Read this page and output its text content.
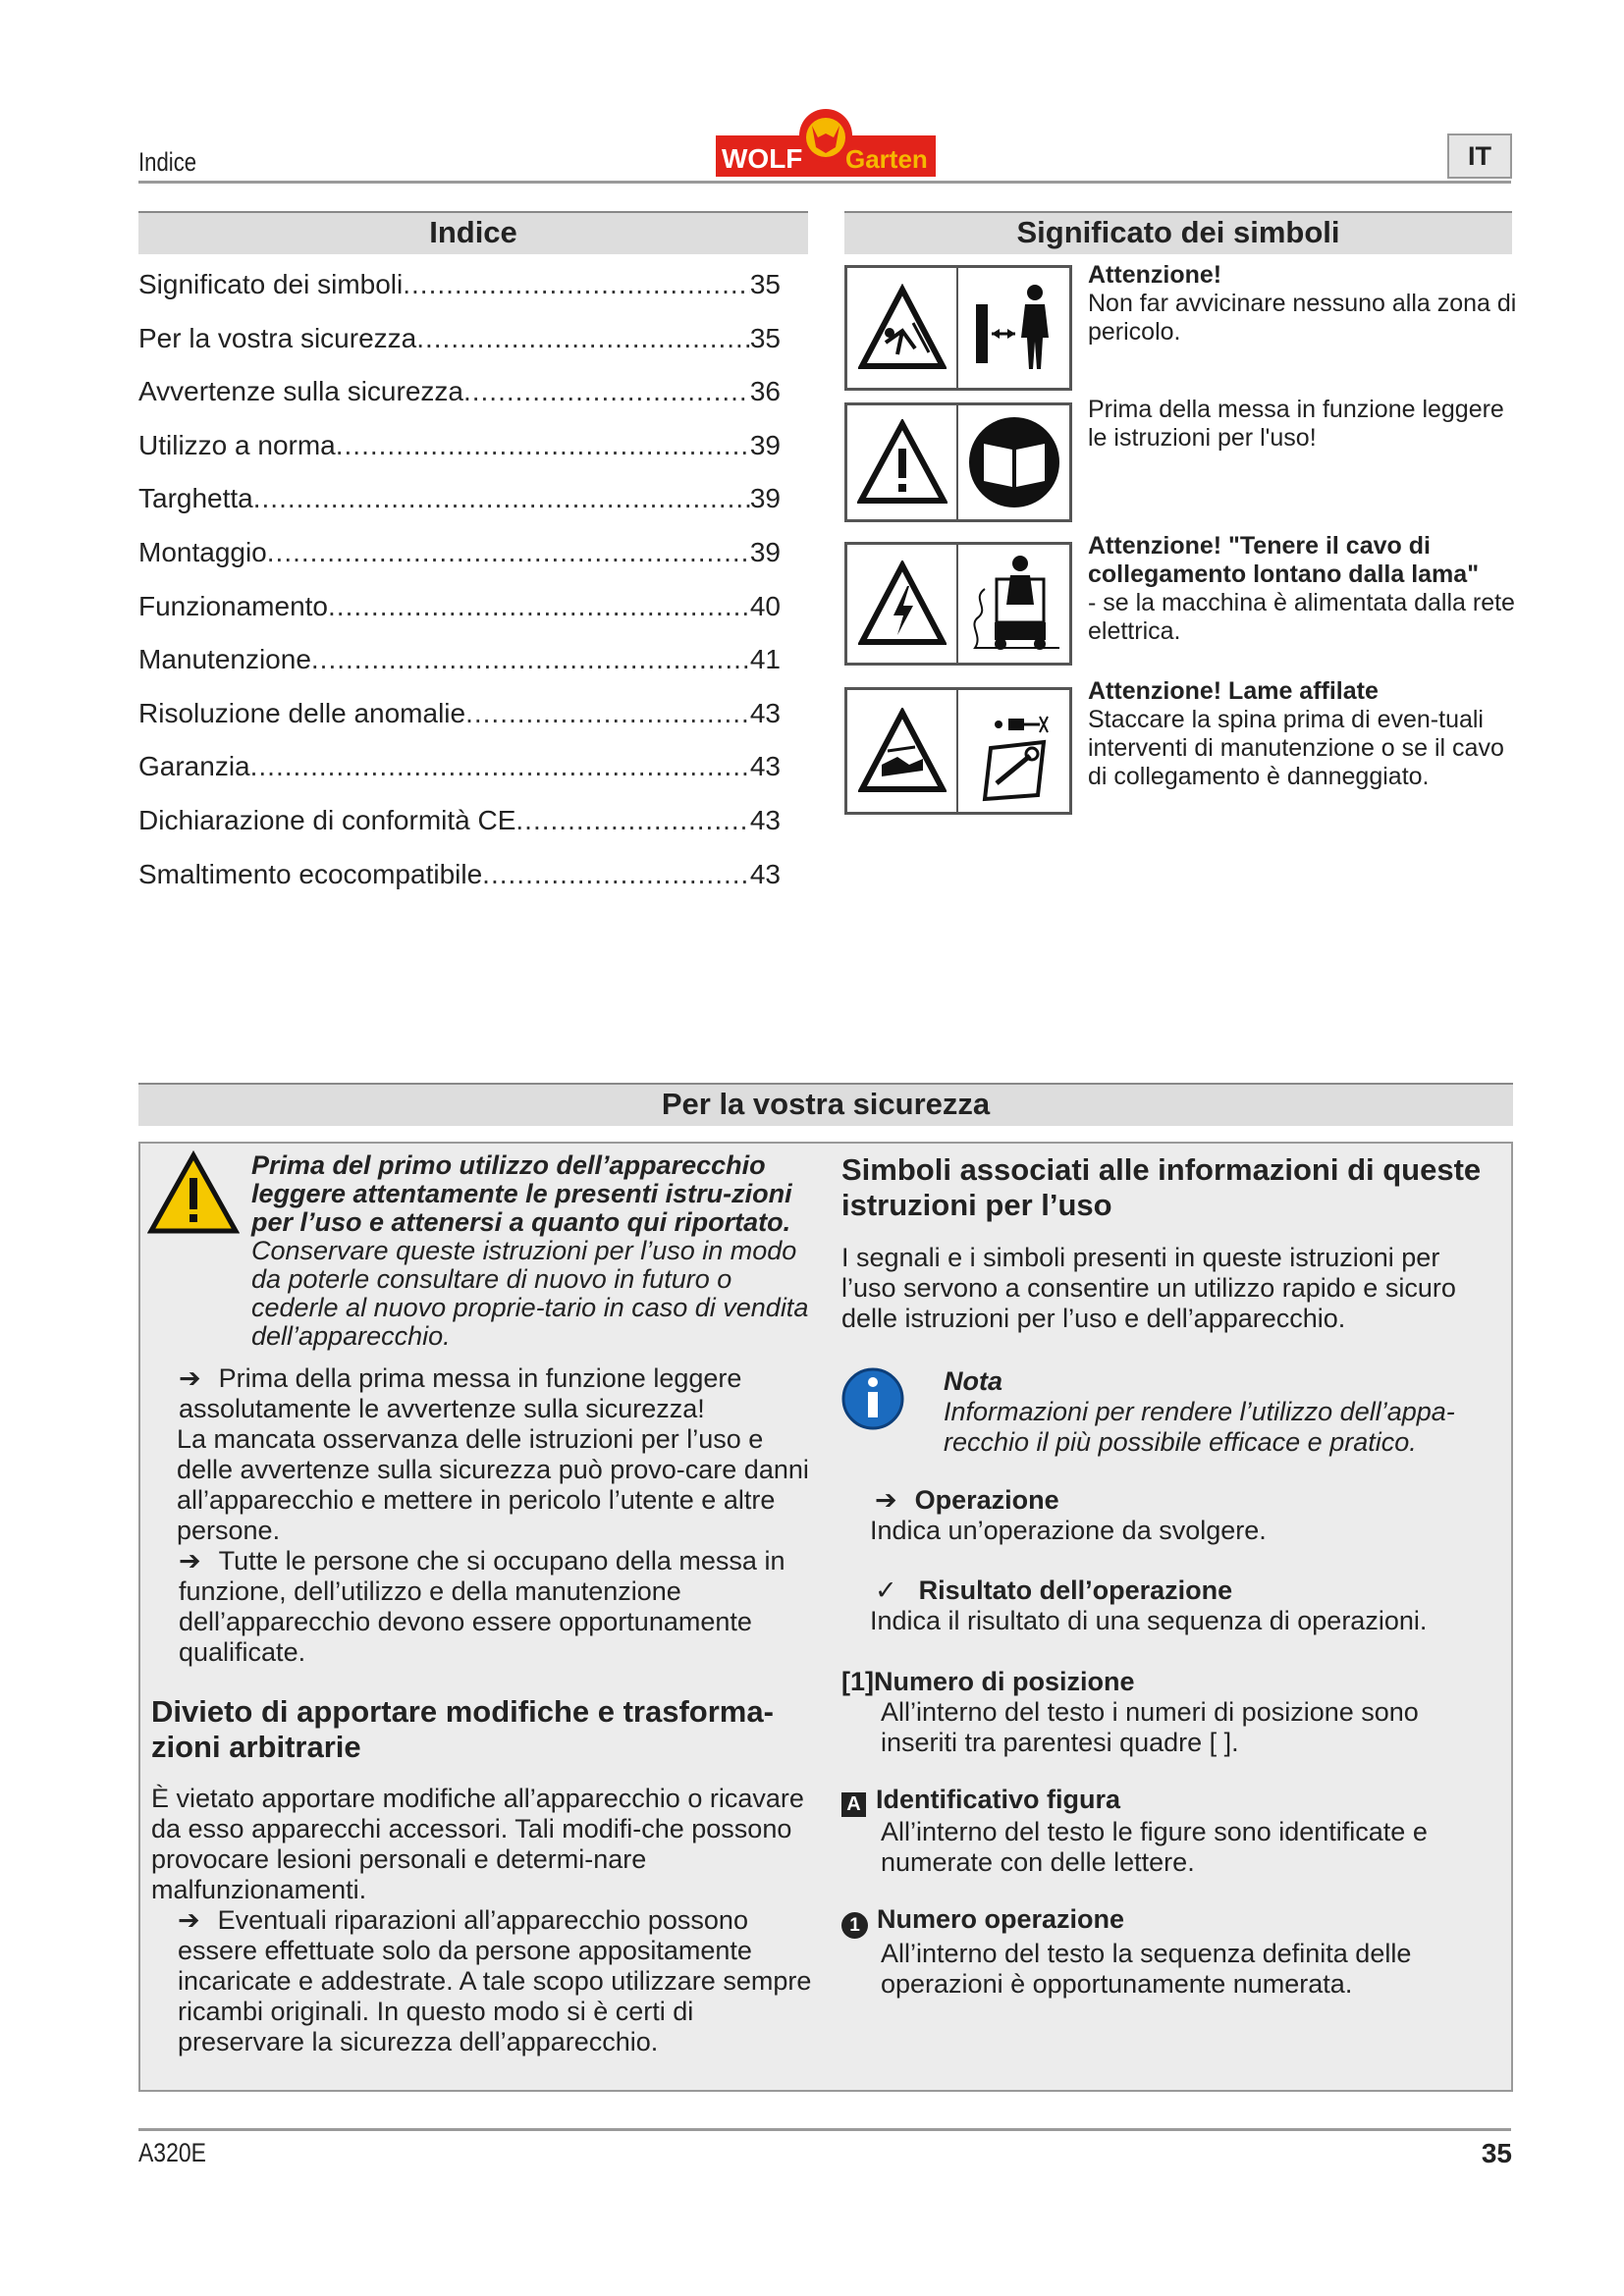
Indice	WOLF Garten	IT
Indice
Significato dei simboli .....	35
Per la vostra sicurezza .....	35
Avvertenze sulla sicurezza .....	36
Utilizzo a norma .....	39
Targhetta .....	39
Montaggio .....	39
Funzionamento .....	40
Manutenzione .....	41
Risoluzione delle anomalie .....	43
Garanzia .....	43
Dichiarazione di conformità CE .....	43
Smaltimento ecocompatibile .....	43
Significato dei simboli
Attenzione!
Non far avvicinare nessuno alla zona di pericolo.
Prima della messa in funzione leggere le istruzioni per l'uso!
Attenzione! "Tenere il cavo di collegamento lontano dalla lama"
- se la macchina è alimentata dalla rete elettrica.
Attenzione! Lame affilate
Staccare la spina prima di even-tuali interventi di manutenzione o se il cavo di collegamento è danneggiato.
Per la vostra sicurezza
Prima del primo utilizzo dell’apparecchio leggere attentamente le presenti istru-zioni per l’uso e attenersi a quanto qui riportato. Conservare queste istruzioni per l’uso in modo da poterle consultare di nuovo in futuro o cederle al nuovo proprie-tario in caso di vendita dell’apparecchio.
➔ Prima della prima messa in funzione leggere assolutamente le avvertenze sulla sicurezza!
La mancata osservanza delle istruzioni per l’uso e delle avvertenze sulla sicurezza può provo-care danni all’apparecchio e mettere in pericolo l’utente e altre persone.
➔ Tutte le persone che si occupano della messa in funzione, dell’utilizzo e della manutenzione dell’apparecchio devono essere opportunamente qualificate.
Divieto di apportare modifiche e trasforma-zioni arbitrarie
È vietato apportare modifiche all’apparecchio o ricavare da esso apparecchi accessori. Tali modifi-che possono provocare lesioni personali e determi-nare malfunzionamenti.
➔ Eventuali riparazioni all’apparecchio possono essere effettuate solo da persone appositamente incaricate e addestrate. A tale scopo utilizzare sempre ricambi originali. In questo modo si è certi di preservare la sicurezza dell’apparecchio.
Simboli associati alle informazioni di queste istruzioni per l’uso
I segnali e i simboli presenti in queste istruzioni per l’uso servono a consentire un utilizzo rapido e sicuro delle istruzioni per l’uso e dell’apparecchio.
Nota
Informazioni per rendere l’utilizzo dell’appa-recchio il più possibile efficace e pratico.
➔ Operazione
Indica un’operazione da svolgere.
✓ Risultato dell’operazione
Indica il risultato di una sequenza di operazioni.
[1]Numero di posizione
All’interno del testo i numeri di posizione sono inseriti tra parentesi quadre [ ].
A Identificativo figura
All’interno del testo le figure sono identificate e numerate con delle lettere.
1 Numero operazione
All’interno del testo la sequenza definita delle operazioni è opportunamente numerata.
A320E	35
